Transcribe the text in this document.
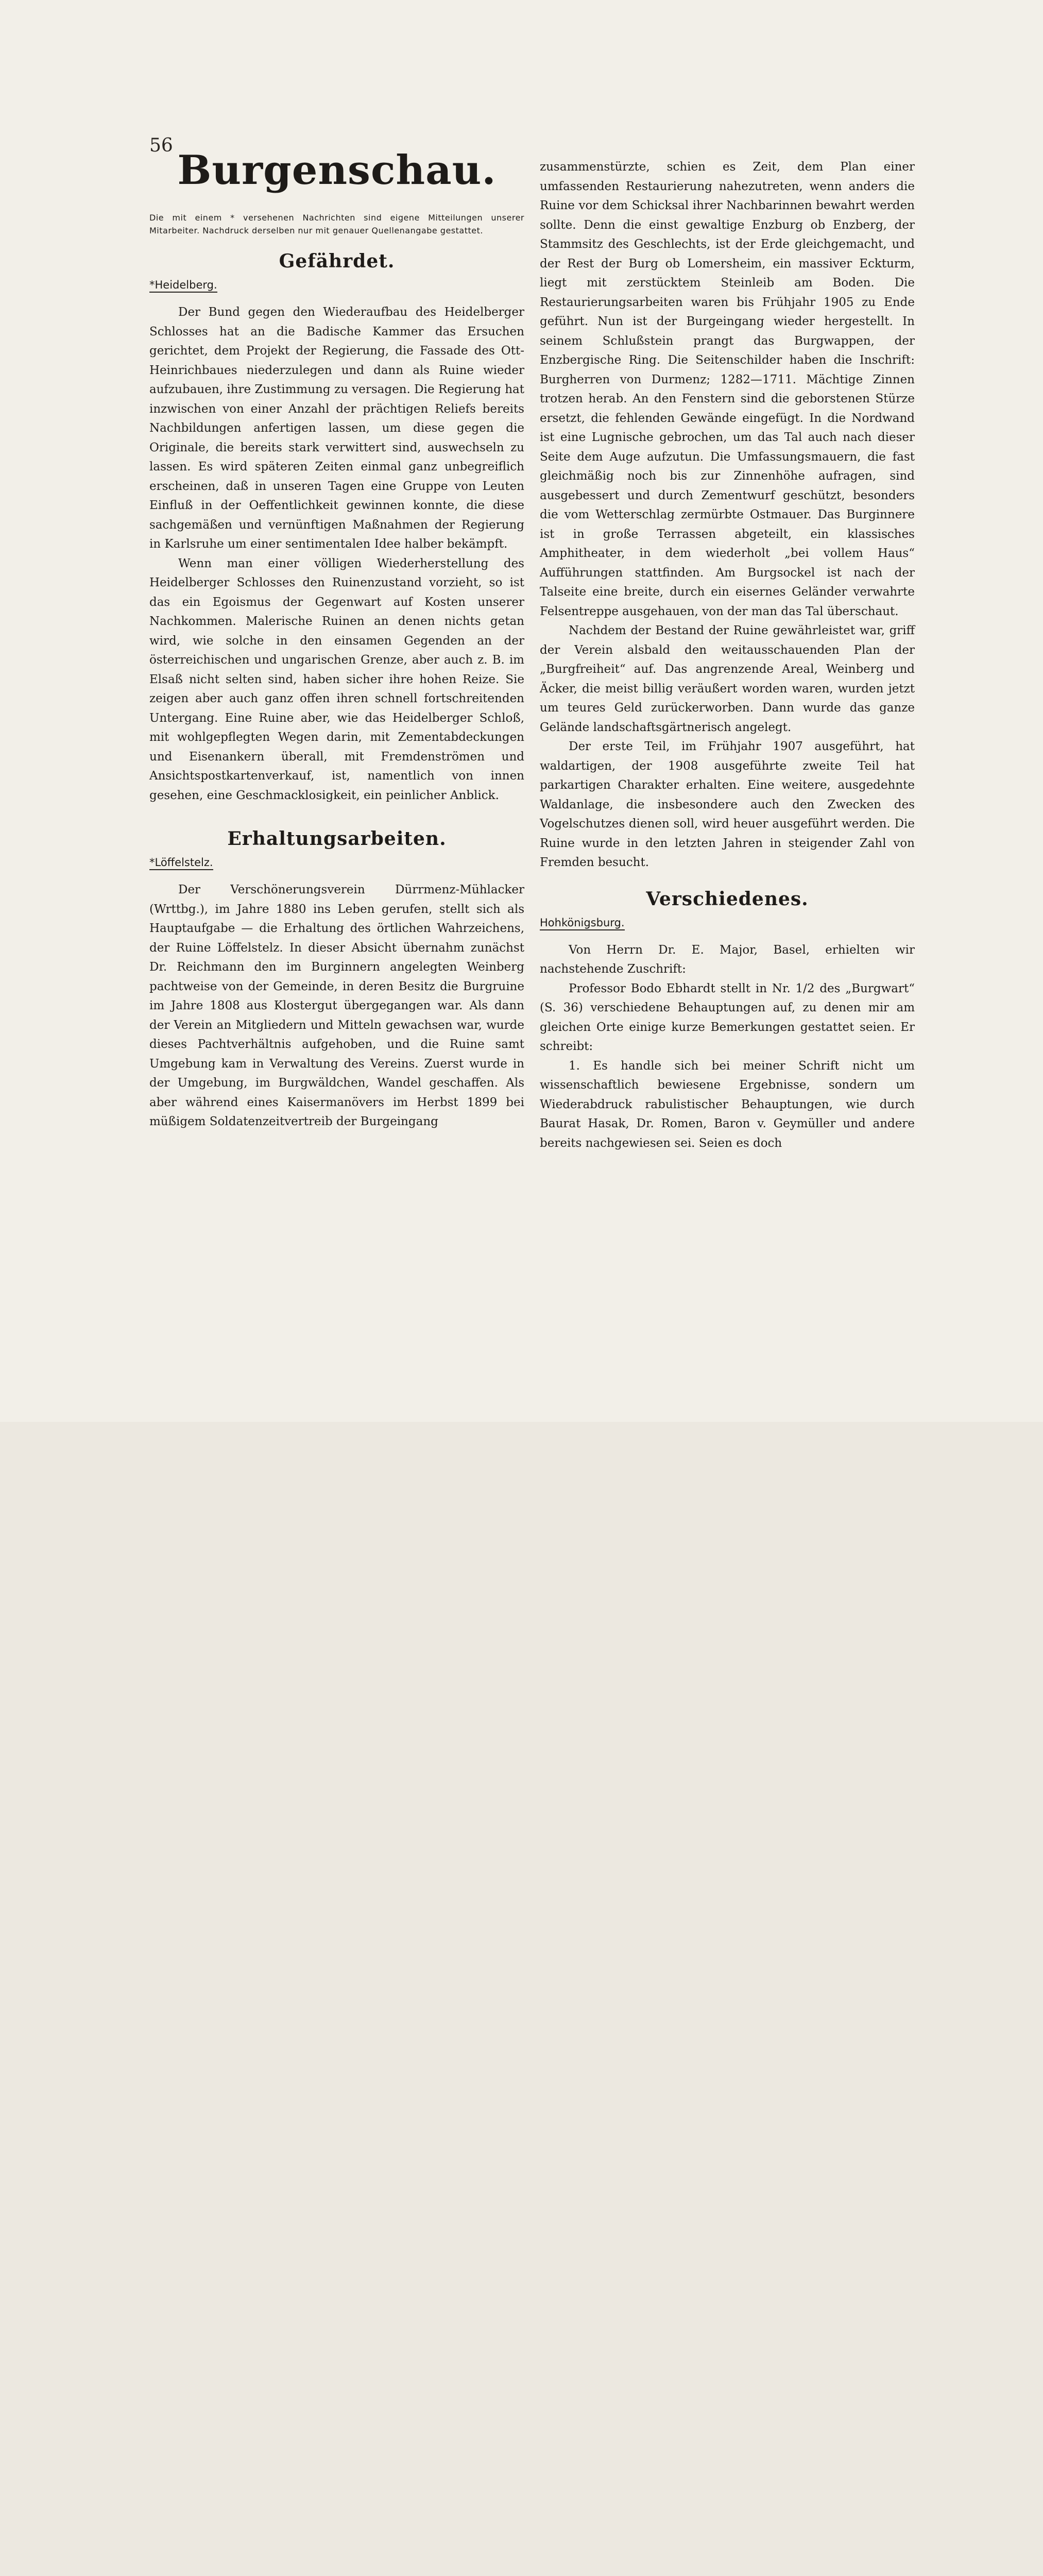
56
Burgenschau.

Die mit einem * versehenen Nachrichten sind eigene Mitteilungen unserer Mitarbeiter. Nachdruck derselben nur mit genauer Quellenangabe gestattet.

Gefährdet.
*Heidelberg.

Der Bund gegen den Wiederaufbau des Heidelberger Schlosses hat an die Badische Kammer das Ersuchen gerichtet, dem Projekt der Regierung, die Fassade des Ott-Heinrichbaues niederzulegen und dann als Ruine wieder aufzubauen, ihre Zustimmung zu versagen. Die Regierung hat inzwischen von einer Anzahl der prächtigen Reliefs bereits Nachbildungen anfertigen lassen, um diese gegen die Originale, die bereits stark verwittert sind, auswechseln zu lassen. Es wird späteren Zeiten einmal ganz unbegreiflich erscheinen, daß in unseren Tagen eine Gruppe von Leuten Einfluß in der Oeffentlichkeit gewinnen konnte, die diese sachgemäßen und vernünftigen Maßnahmen der Regierung in Karlsruhe um einer sentimentalen Idee halber bekämpft.

Wenn man einer völligen Wiederherstellung des Heidelberger Schlosses den Ruinenzustand vorzieht, so ist das ein Egoismus der Gegenwart auf Kosten unserer Nachkommen. Malerische Ruinen an denen nichts getan wird, wie solche in den einsamen Gegenden an der österreichischen und ungarischen Grenze, aber auch z. B. im Elsaß nicht selten sind, haben sicher ihre hohen Reize. Sie zeigen aber auch ganz offen ihren schnell fortschreitenden Untergang. Eine Ruine aber, wie das Heidelberger Schloß, mit wohlgepflegten Wegen darin, mit Zementabdeckungen und Eisenankern überall, mit Fremdenströmen und Ansichtspostkartenverkauf, ist, namentlich von innen gesehen, eine Geschmacklosigkeit, ein peinlicher Anblick.

Erhaltungsarbeiten.
*Löffelstelz.

Der Verschönerungsverein Dürrmenz-Mühlacker (Wrttbg.), im Jahre 1880 ins Leben gerufen, stellt sich als Hauptaufgabe — die Erhaltung des örtlichen Wahrzeichens, der Ruine Löffelstelz. In dieser Absicht übernahm zunächst Dr. Reichmann den im Burginnern angelegten Weinberg pachtweise von der Gemeinde, in deren Besitz die Burgruine im Jahre 1808 aus Klostergut übergegangen war. Als dann der Verein an Mitgliedern und Mitteln gewachsen war, wurde dieses Pachtverhältnis aufgehoben, und die Ruine samt Umgebung kam in Verwaltung des Vereins. Zuerst wurde in der Umgebung, im Burgwäldchen, Wandel geschaffen. Als aber während eines Kaisermanövers im Herbst 1899 bei müßigem Soldatenzeitvertreib der Burgeingang

zusammenstürzte, schien es Zeit, dem Plan einer umfassenden Restaurierung nahezutreten, wenn anders die Ruine vor dem Schicksal ihrer Nachbarinnen bewahrt werden sollte. Denn die einst gewaltige Enzburg ob Enzberg, der Stammsitz des Geschlechts, ist der Erde gleichgemacht, und der Rest der Burg ob Lomersheim, ein massiver Eckturm, liegt mit zerstücktem Steinleib am Boden. Die Restaurierungsarbeiten waren bis Frühjahr 1905 zu Ende geführt. Nun ist der Burgeingang wieder hergestellt. In seinem Schlußstein prangt das Burgwappen, der Enzbergische Ring. Die Seitenschilder haben die Inschrift: Burgherren von Durmenz; 1282—1711. Mächtige Zinnen trotzen herab. An den Fenstern sind die geborstenen Stürze ersetzt, die fehlenden Gewände eingefügt. In die Nordwand ist eine Lugnische gebrochen, um das Tal auch nach dieser Seite dem Auge aufzutun. Die Umfassungsmauern, die fast gleichmäßig noch bis zur Zinnenhöhe aufragen, sind ausgebessert und durch Zementwurf geschützt, besonders die vom Wetterschlag zermürbte Ostmauer. Das Burginnere ist in große Terrassen abgeteilt, ein klassisches Amphitheater, in dem wiederholt „bei vollem Haus“ Aufführungen stattfinden. Am Burgsockel ist nach der Talseite eine breite, durch ein eisernes Geländer verwahrte Felsentreppe ausgehauen, von der man das Tal überschaut.

Nachdem der Bestand der Ruine gewährleistet war, griff der Verein alsbald den weitausschauenden Plan der „Burgfreiheit“ auf. Das angrenzende Areal, Weinberg und Äcker, die meist billig veräußert worden waren, wurden jetzt um teures Geld zurückerworben. Dann wurde das ganze Gelände landschaftsgärtnerisch angelegt.

Der erste Teil, im Frühjahr 1907 ausgeführt, hat waldartigen, der 1908 ausgeführte zweite Teil hat parkartigen Charakter erhalten. Eine weitere, ausgedehnte Waldanlage, die insbesondere auch den Zwecken des Vogelschutzes dienen soll, wird heuer ausgeführt werden. Die Ruine wurde in den letzten Jahren in steigender Zahl von Fremden besucht.

Verschiedenes.
Hohkönigsburg.

Von Herrn Dr. E. Major, Basel, erhielten wir nachstehende Zuschrift:

Professor Bodo Ebhardt stellt in Nr. 1/2 des „Burgwart“ (S. 36) verschiedene Behauptungen auf, zu denen mir am gleichen Orte einige kurze Bemerkungen gestattet seien. Er schreibt:

1. Es handle sich bei meiner Schrift nicht um wissenschaftlich bewiesene Ergebnisse, sondern um Wiederabdruck rabulistischer Behauptungen, wie durch Baurat Hasak, Dr. Romen, Baron v. Geymüller und andere bereits nachgewiesen sei. Seien es doch
